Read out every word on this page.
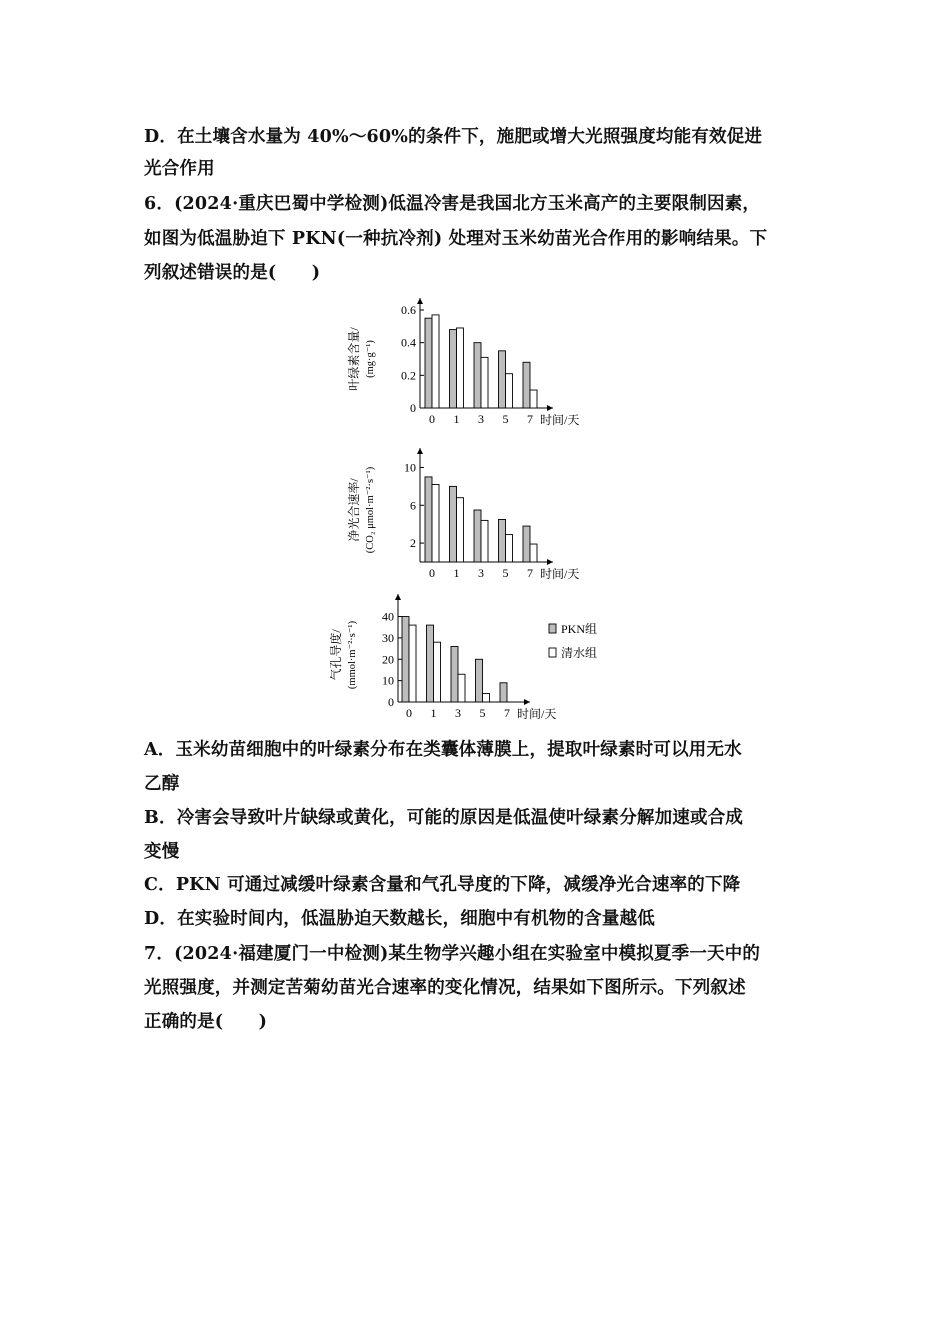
D．在土壤含水量为 40%～60%的条件下，施肥或增大光照强度均能有效促进
光合作用
6．(2024·重庆巴蜀中学检测)低温冷害是我国北方玉米高产的主要限制因素，
如图为低温胁迫下 PKN(一种抗冷剂) 处理对玉米幼苗光合作用的影响结果。下
列叙述错误的是(　　)
0
0.2
0.4
0.6
叶绿素含量/ (mg·g⁻¹)
0 1 3 5 7 时间/天
2
6
10
净光合速率/ (CO₂ μmol·m⁻²·s⁻¹)
0 1 3 5 7 时间/天
0
10
20
30
40
气孔导度/ (mmol·m⁻²·s⁻¹)
0 1 3 5 7 时间/天
PKN组
清水组
A．玉米幼苗细胞中的叶绿素分布在类囊体薄膜上，提取叶绿素时可以用无水
乙醇
B．冷害会导致叶片缺绿或黄化，可能的原因是低温使叶绿素分解加速或合成
变慢
C．PKN 可通过减缓叶绿素含量和气孔导度的下降，减缓净光合速率的下降
D．在实验时间内，低温胁迫天数越长，细胞中有机物的含量越低
7．(2024·福建厦门一中检测)某生物学兴趣小组在实验室中模拟夏季一天中的
光照强度，并测定苦菊幼苗光合速率的变化情况，结果如下图所示。下列叙述
正确的是(　　)
